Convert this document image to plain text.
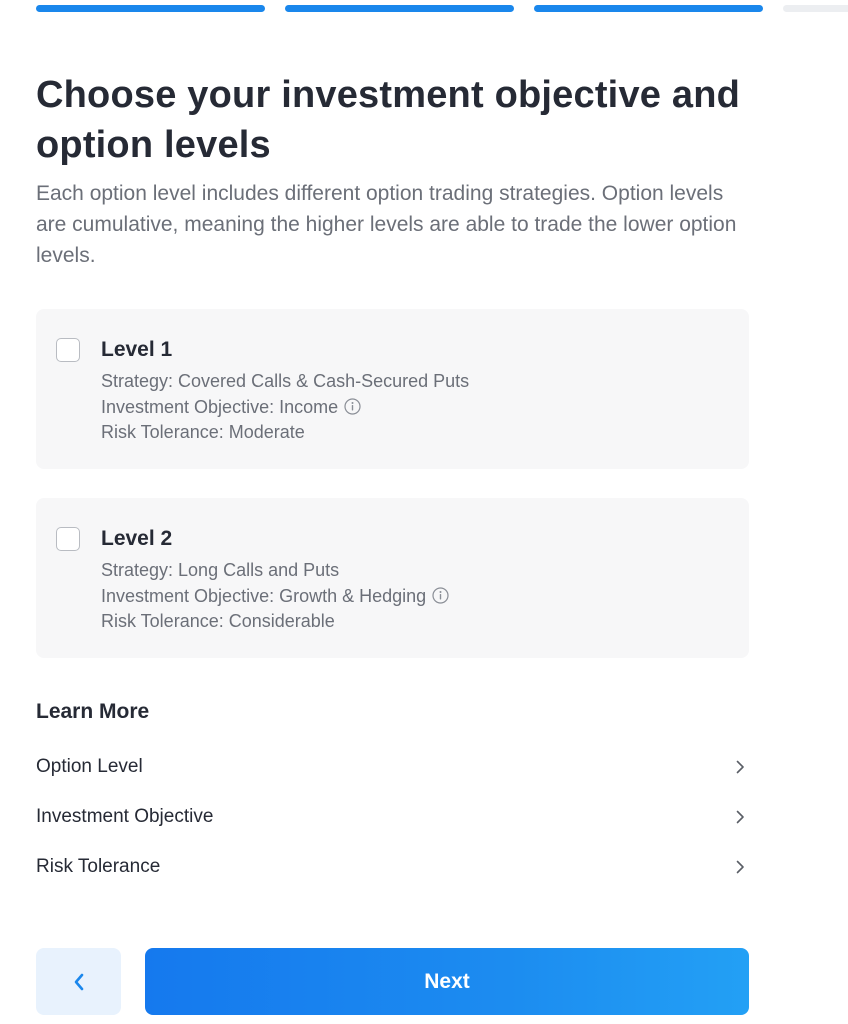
Choose your investment objective and option levels

Each option level includes different option trading strategies. Option levels are cumulative, meaning the higher levels are able to trade the lower option levels.

Level 1
Strategy: Covered Calls & Cash-Secured Puts
Investment Objective: Income
Risk Tolerance: Moderate
Level 2
Strategy: Long Calls and Puts
Investment Objective: Growth & Hedging
Risk Tolerance: Considerable
Learn More
Option Level
Investment Objective
Risk Tolerance
Next
